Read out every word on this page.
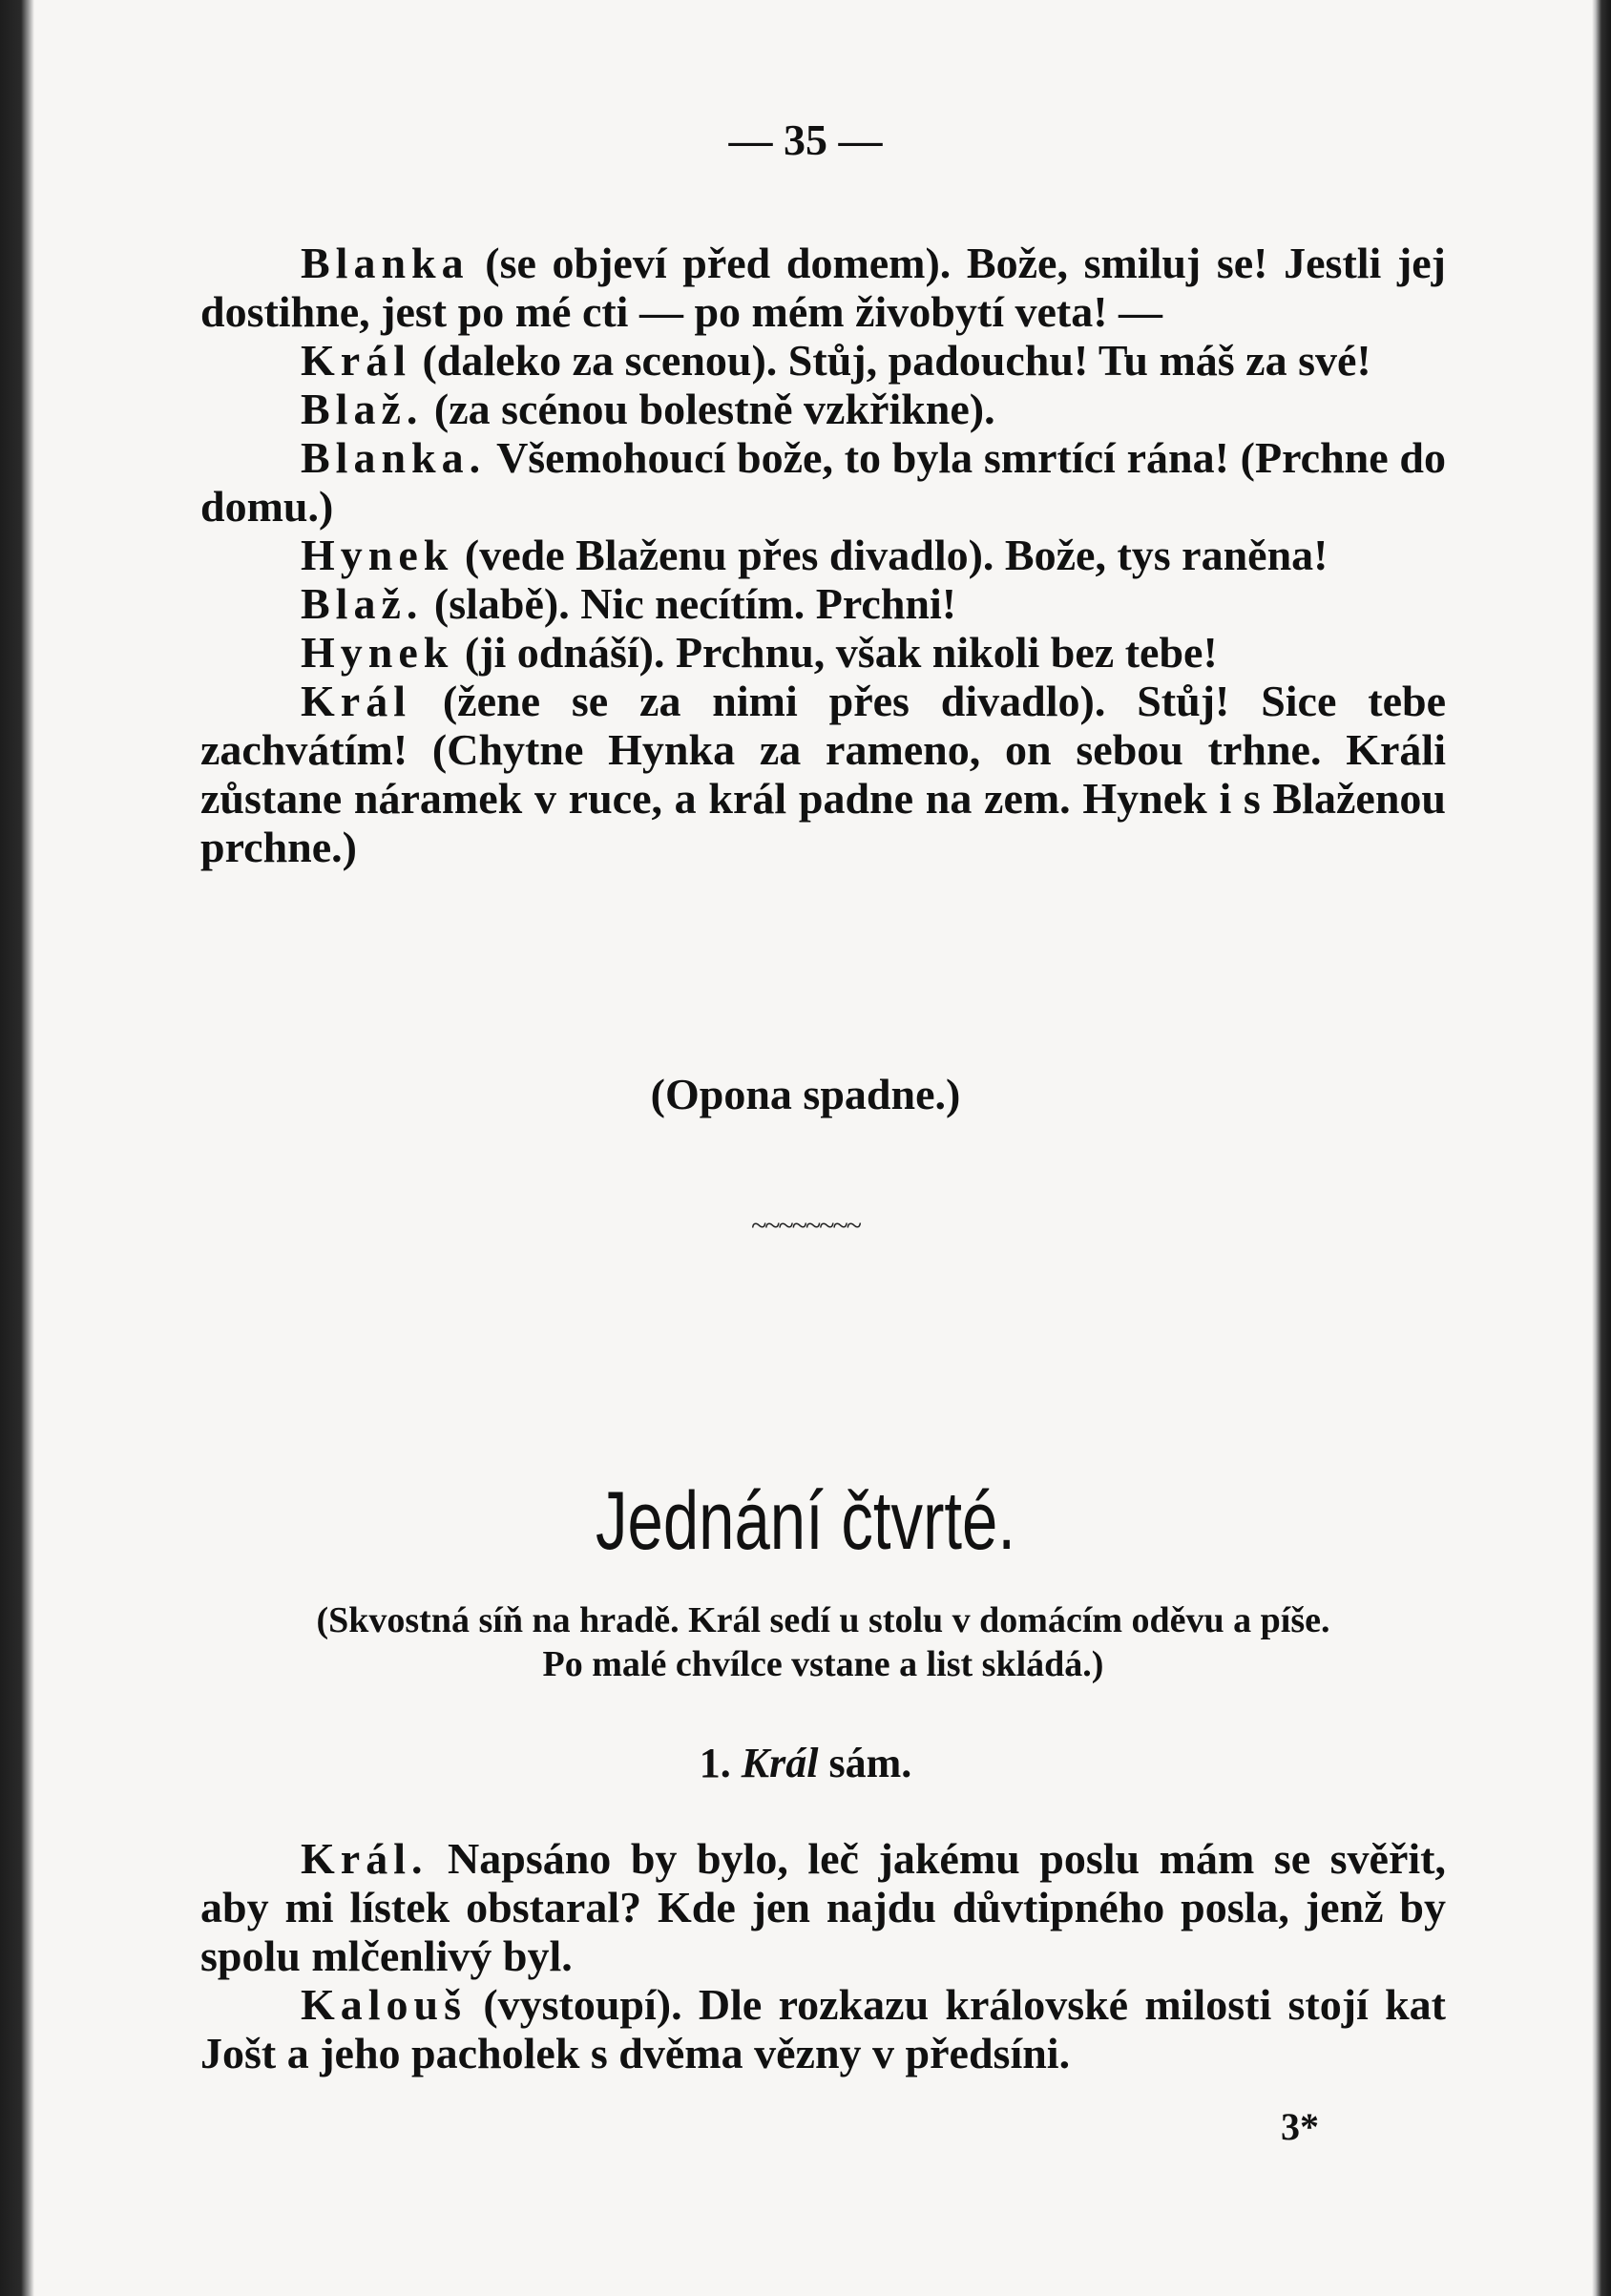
— 35 —

Blanka (se objeví před domem). Bože, smiluj se! Jestli jej dostihne, jest po mé cti — po mém živobytí veta! —

Král (daleko za scenou). Stůj, padouchu! Tu máš za své!

Blaž. (za scénou bolestně vzkřikne).

Blanka. Všemohoucí bože, to byla smrtící rána! (Prchne do domu.)

Hynek (vede Blaženu přes divadlo). Bože, tys raněna!

Blaž. (slabě). Nic necítím. Prchni!

Hynek (ji odnáší). Prchnu, však nikoli bez tebe!

Král (žene se za nimi přes divadlo). Stůj! Sice tebe zachvátím! (Chytne Hynka za rameno, on sebou trhne. Králi zůstane náramek v ruce, a král padne na zem. Hynek i s Blaženou prchne.)

(Opona spadne.)
~~~~~~~~
Jednání čtvrté.
(Skvostná síň na hradě. Král sedí u stolu v domácím oděvu a píše.
Po malé chvílce vstane a list skládá.)
1. Král sám.

Král. Napsáno by bylo, leč jakému poslu mám se svěřit, aby mi lístek obstaral? Kde jen najdu důvtipného posla, jenž by spolu mlčenlivý byl.

Kalouš (vystoupí). Dle rozkazu královské milosti stojí kat Jošt a jeho pacholek s dvěma vězny v předsíni.

3*
